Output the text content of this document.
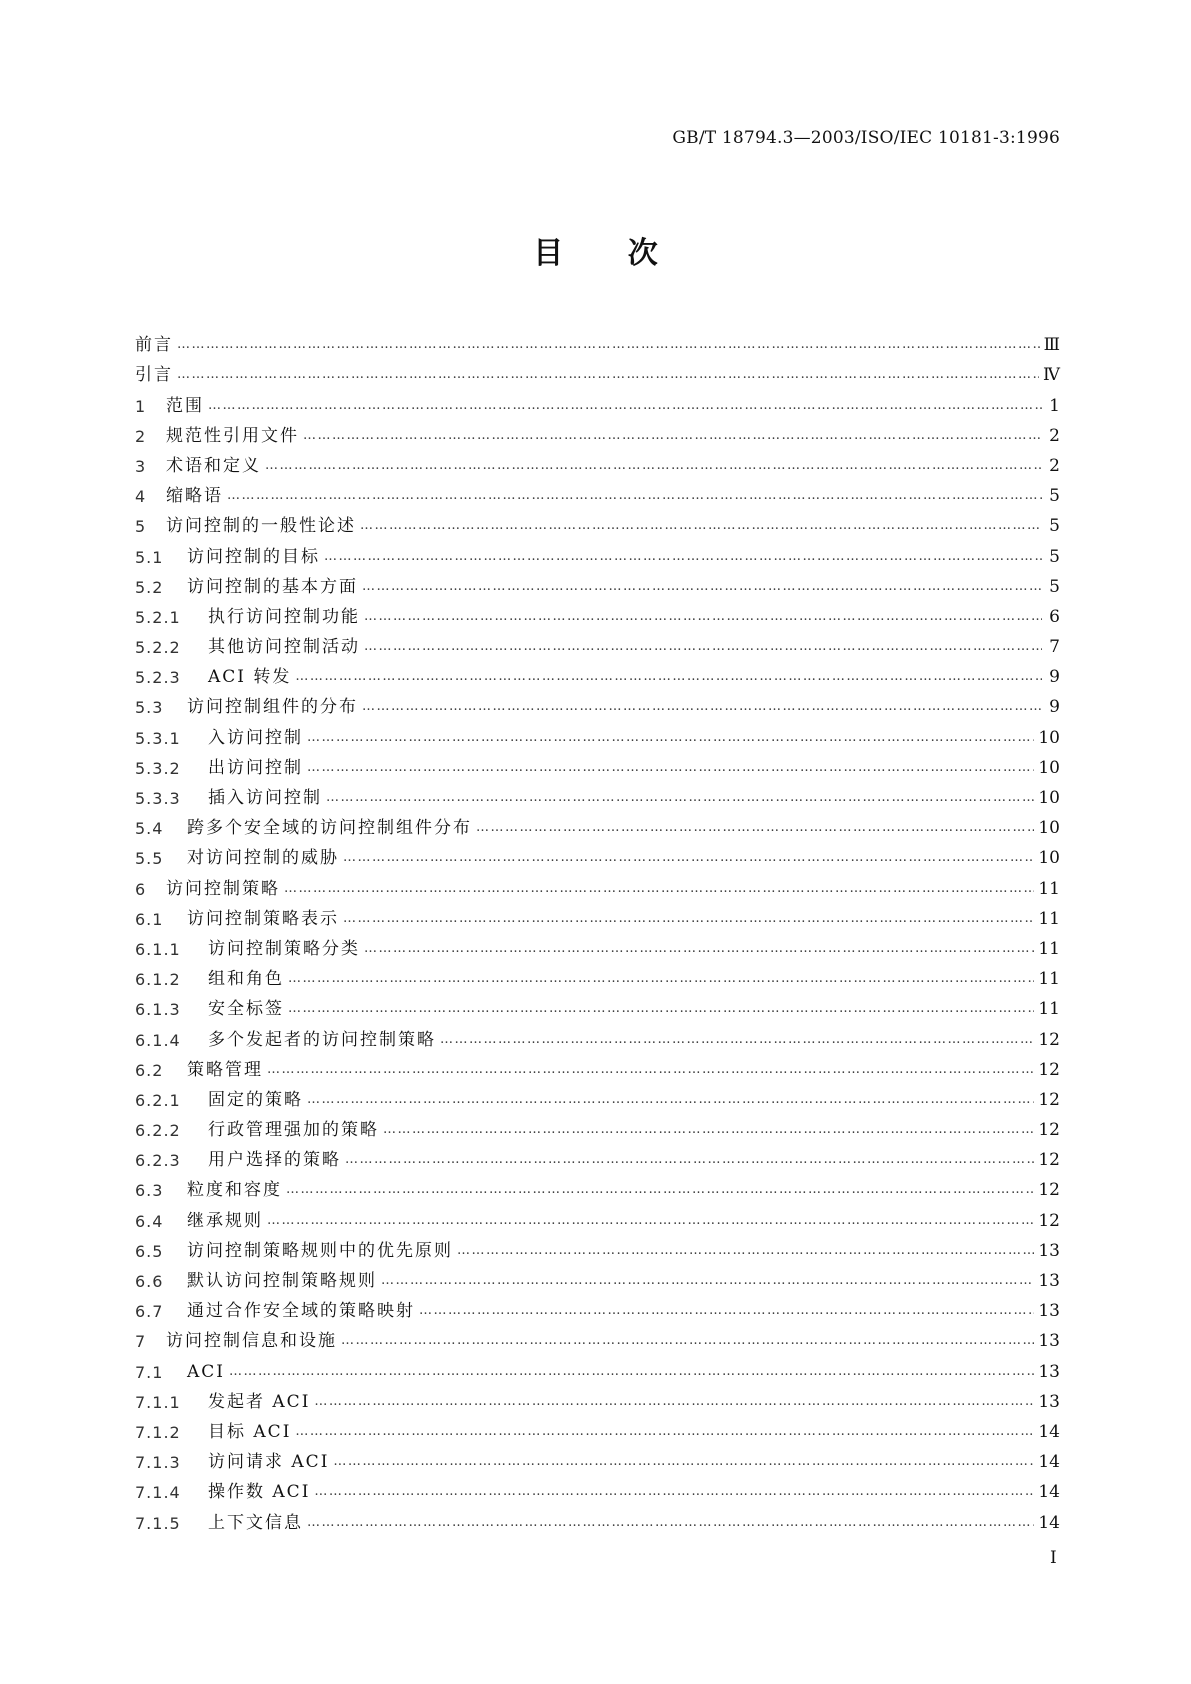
GB/T 18794.3—2003/ISO/IEC 10181-3:1996
目 次
前言 ……………………………………………………………………………………………………………………………………………………………………………………………………………	Ⅲ
引言 ……………………………………………………………………………………………………………………………………………………………………………………………………………	Ⅳ
1	范围 ……………………………………………………………………………………………………………………………………………………………………………………………………………	1
2	规范性引用文件 ……………………………………………………………………………………………………………………………………………………………………………………………………………	2
3	术语和定义 ……………………………………………………………………………………………………………………………………………………………………………………………………………	2
4	缩略语 ……………………………………………………………………………………………………………………………………………………………………………………………………………	5
5	访问控制的一般性论述 ……………………………………………………………………………………………………………………………………………………………………………………………………………	5
5.1	访问控制的目标 ……………………………………………………………………………………………………………………………………………………………………………………………………………	5
5.2	访问控制的基本方面 ……………………………………………………………………………………………………………………………………………………………………………………………………………	5
5.2.1	执行访问控制功能 ……………………………………………………………………………………………………………………………………………………………………………………………………………	6
5.2.2	其他访问控制活动 ……………………………………………………………………………………………………………………………………………………………………………………………………………	7
5.2.3	ACI 转发 ……………………………………………………………………………………………………………………………………………………………………………………………………………	9
5.3	访问控制组件的分布 ……………………………………………………………………………………………………………………………………………………………………………………………………………	9
5.3.1	入访问控制 ……………………………………………………………………………………………………………………………………………………………………………………………………………	10
5.3.2	出访问控制 ……………………………………………………………………………………………………………………………………………………………………………………………………………	10
5.3.3	插入访问控制 ……………………………………………………………………………………………………………………………………………………………………………………………………………	10
5.4	跨多个安全域的访问控制组件分布 ……………………………………………………………………………………………………………………………………………………………………………………………………………	10
5.5	对访问控制的威胁 ……………………………………………………………………………………………………………………………………………………………………………………………………………	10
6	访问控制策略 ……………………………………………………………………………………………………………………………………………………………………………………………………………	11
6.1	访问控制策略表示 ……………………………………………………………………………………………………………………………………………………………………………………………………………	11
6.1.1	访问控制策略分类 ……………………………………………………………………………………………………………………………………………………………………………………………………………	11
6.1.2	组和角色 ……………………………………………………………………………………………………………………………………………………………………………………………………………	11
6.1.3	安全标签 ……………………………………………………………………………………………………………………………………………………………………………………………………………	11
6.1.4	多个发起者的访问控制策略 ……………………………………………………………………………………………………………………………………………………………………………………………………………	12
6.2	策略管理 ……………………………………………………………………………………………………………………………………………………………………………………………………………	12
6.2.1	固定的策略 ……………………………………………………………………………………………………………………………………………………………………………………………………………	12
6.2.2	行政管理强加的策略 ……………………………………………………………………………………………………………………………………………………………………………………………………………	12
6.2.3	用户选择的策略 ……………………………………………………………………………………………………………………………………………………………………………………………………………	12
6.3	粒度和容度 ……………………………………………………………………………………………………………………………………………………………………………………………………………	12
6.4	继承规则 ……………………………………………………………………………………………………………………………………………………………………………………………………………	12
6.5	访问控制策略规则中的优先原则 ……………………………………………………………………………………………………………………………………………………………………………………………………………	13
6.6	默认访问控制策略规则 ……………………………………………………………………………………………………………………………………………………………………………………………………………	13
6.7	通过合作安全域的策略映射 ……………………………………………………………………………………………………………………………………………………………………………………………………………	13
7	访问控制信息和设施 ……………………………………………………………………………………………………………………………………………………………………………………………………………	13
7.1	ACI ……………………………………………………………………………………………………………………………………………………………………………………………………………	13
7.1.1	发起者 ACI ……………………………………………………………………………………………………………………………………………………………………………………………………………	13
7.1.2	目标 ACI ……………………………………………………………………………………………………………………………………………………………………………………………………………	14
7.1.3	访问请求 ACI ……………………………………………………………………………………………………………………………………………………………………………………………………………	14
7.1.4	操作数 ACI ……………………………………………………………………………………………………………………………………………………………………………………………………………	14
7.1.5	上下文信息 ……………………………………………………………………………………………………………………………………………………………………………………………………………	14
I
